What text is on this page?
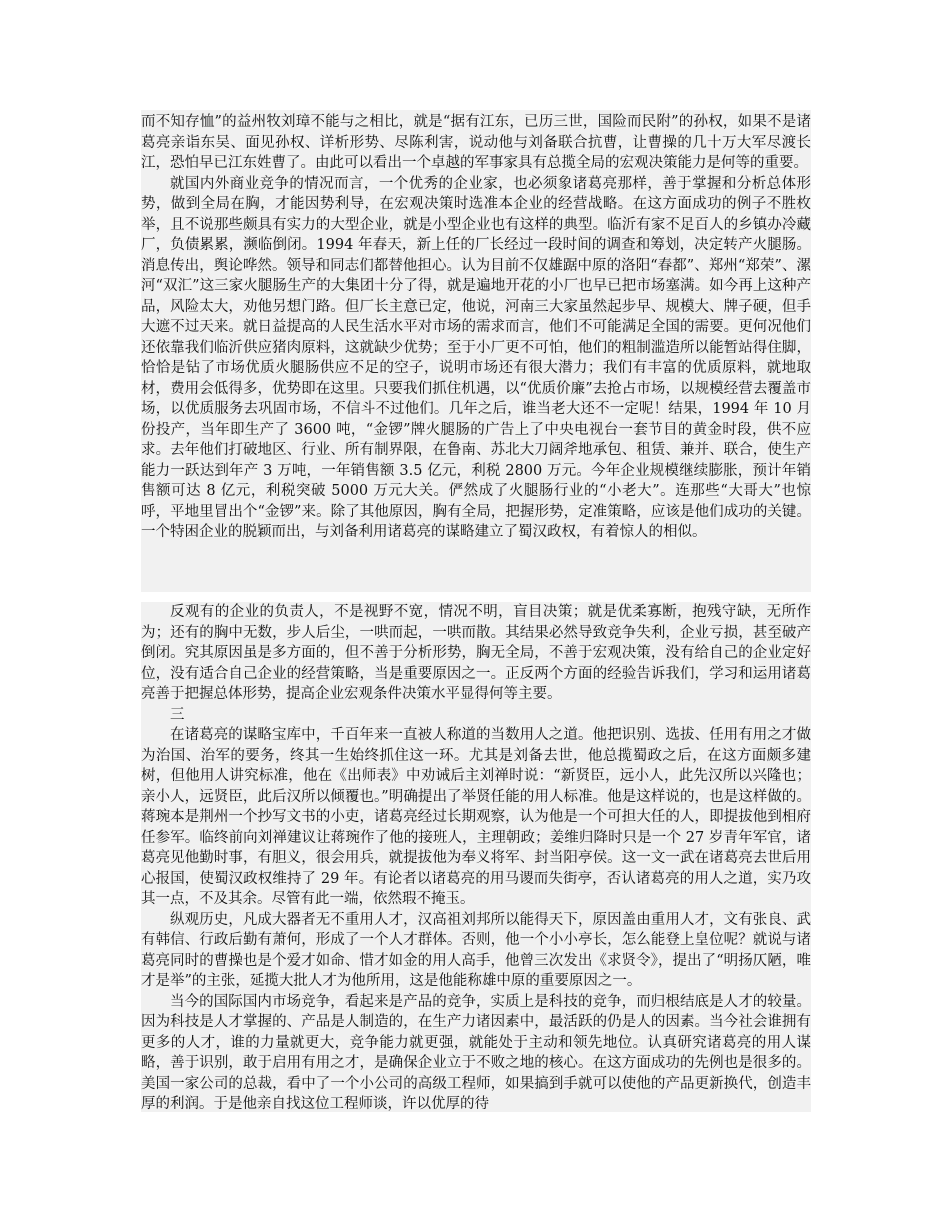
而不知存恤”的益州牧刘璋不能与之相比，就是“据有江东，已历三世，国险而民附”的孙权，如果不是诸葛亮亲诣东吴、面见孙权、详析形势、尽陈利害，说动他与刘备联合抗曹，让曹操的几十万大军尽渡长江，恐怕早已江东姓曹了。由此可以看出一个卓越的军事家具有总揽全局的宏观决策能力是何等的重要。

就国内外商业竞争的情况而言，一个优秀的企业家，也必须象诸葛亮那样，善于掌握和分析总体形势，做到全局在胸，才能因势利导，在宏观决策时选准本企业的经营战略。在这方面成功的例子不胜枚举，且不说那些颇具有实力的大型企业，就是小型企业也有这样的典型。临沂有家不足百人的乡镇办冷藏厂，负债累累，濒临倒闭。1994 年春天，新上任的厂长经过一段时间的调查和筹划，决定转产火腿肠。消息传出，舆论哗然。领导和同志们都替他担心。认为目前不仅雄踞中原的洛阳“春都”、郑州“郑荣”、漯河“双汇”这三家火腿肠生产的大集团十分了得，就是遍地开花的小厂也早已把市场塞满。如今再上这种产品，风险太大，劝他另想门路。但厂长主意已定，他说，河南三大家虽然起步早、规模大、牌子硬，但手大遮不过天来。就日益提高的人民生活水平对市场的需求而言，他们不可能满足全国的需要。更何况他们还依靠我们临沂供应猪肉原料，这就缺少优势；至于小厂更不可怕，他们的粗制滥造所以能暂站得住脚，恰恰是钻了市场优质火腿肠供应不足的空子，说明市场还有很大潜力；我们有丰富的优质原料，就地取材，费用会低得多，优势即在这里。只要我们抓住机遇，以“优质价廉”去抢占市场，以规模经营去覆盖市场，以优质服务去巩固市场，不信斗不过他们。几年之后，谁当老大还不一定呢！结果，1994 年 10 月份投产，当年即生产了 3600 吨，“金锣”牌火腿肠的广告上了中央电视台一套节目的黄金时段，供不应求。去年他们打破地区、行业、所有制界限，在鲁南、苏北大刀阔斧地承包、租赁、兼并、联合，使生产能力一跃达到年产 3 万吨，一年销售额 3.5 亿元，利税 2800 万元。今年企业规模继续膨胀，预计年销售额可达 8 亿元，利税突破 5000 万元大关。俨然成了火腿肠行业的“小老大”。连那些“大哥大”也惊呼，平地里冒出个“金锣”来。除了其他原因，胸有全局，把握形势，定准策略，应该是他们成功的关键。一个特困企业的脱颖而出，与刘备利用诸葛亮的谋略建立了蜀汉政权，有着惊人的相似。

反观有的企业的负责人，不是视野不宽，情况不明，盲目决策；就是优柔寡断，抱残守缺，无所作为；还有的胸中无数，步人后尘，一哄而起，一哄而散。其结果必然导致竞争失利，企业亏损，甚至破产倒闭。究其原因虽是多方面的，但不善于分析形势，胸无全局，不善于宏观决策，没有给自己的企业定好位，没有适合自己企业的经营策略，当是重要原因之一。正反两个方面的经验告诉我们，学习和运用诸葛亮善于把握总体形势，提高企业宏观条件决策水平显得何等主要。

三

在诸葛亮的谋略宝库中，千百年来一直被人称道的当数用人之道。他把识别、选拔、任用有用之才做为治国、治军的要务，终其一生始终抓住这一环。尤其是刘备去世，他总揽蜀政之后，在这方面颇多建树，但他用人讲究标准，他在《出师表》中劝诫后主刘禅时说：“新贤臣，远小人，此先汉所以兴隆也；亲小人，远贤臣，此后汉所以倾覆也。”明确提出了举贤任能的用人标准。他是这样说的，也是这样做的。蒋琬本是荆州一个抄写文书的小吏，诸葛亮经过长期观察，认为他是一个可担大任的人，即提拔他到相府任参军。临终前向刘禅建议让蒋琬作了他的接班人，主理朝政；姜维归降时只是一个 27 岁青年军官，诸葛亮见他勤时事，有胆义，很会用兵，就提拔他为奉义将军、封当阳亭侯。这一文一武在诸葛亮去世后用心报国，使蜀汉政权维持了 29 年。有论者以诸葛亮的用马谡而失街亭，否认诸葛亮的用人之道，实乃攻其一点，不及其余。尽管有此一端，依然瑕不掩玉。

纵观历史，凡成大器者无不重用人才，汉高祖刘邦所以能得天下，原因盖由重用人才，文有张良、武有韩信、行政后勤有萧何，形成了一个人才群体。否则，他一个小小亭长，怎么能登上皇位呢？就说与诸葛亮同时的曹操也是个爱才如命、惜才如金的用人高手，他曾三次发出《求贤令》，提出了“明扬仄陋，唯才是举”的主张，延揽大批人才为他所用，这是他能称雄中原的重要原因之一。

当今的国际国内市场竞争，看起来是产品的竞争，实质上是科技的竞争，而归根结底是人才的较量。因为科技是人才掌握的、产品是人制造的，在生产力诸因素中，最活跃的仍是人的因素。当今社会谁拥有更多的人才，谁的力量就更大，竞争能力就更强，就能处于主动和领先地位。认真研究诸葛亮的用人谋略，善于识别，敢于启用有用之才，是确保企业立于不败之地的核心。在这方面成功的先例也是很多的。美国一家公司的总裁，看中了一个小公司的高级工程师，如果搞到手就可以使他的产品更新换代，创造丰厚的利润。于是他亲自找这位工程师谈，许以优厚的待
